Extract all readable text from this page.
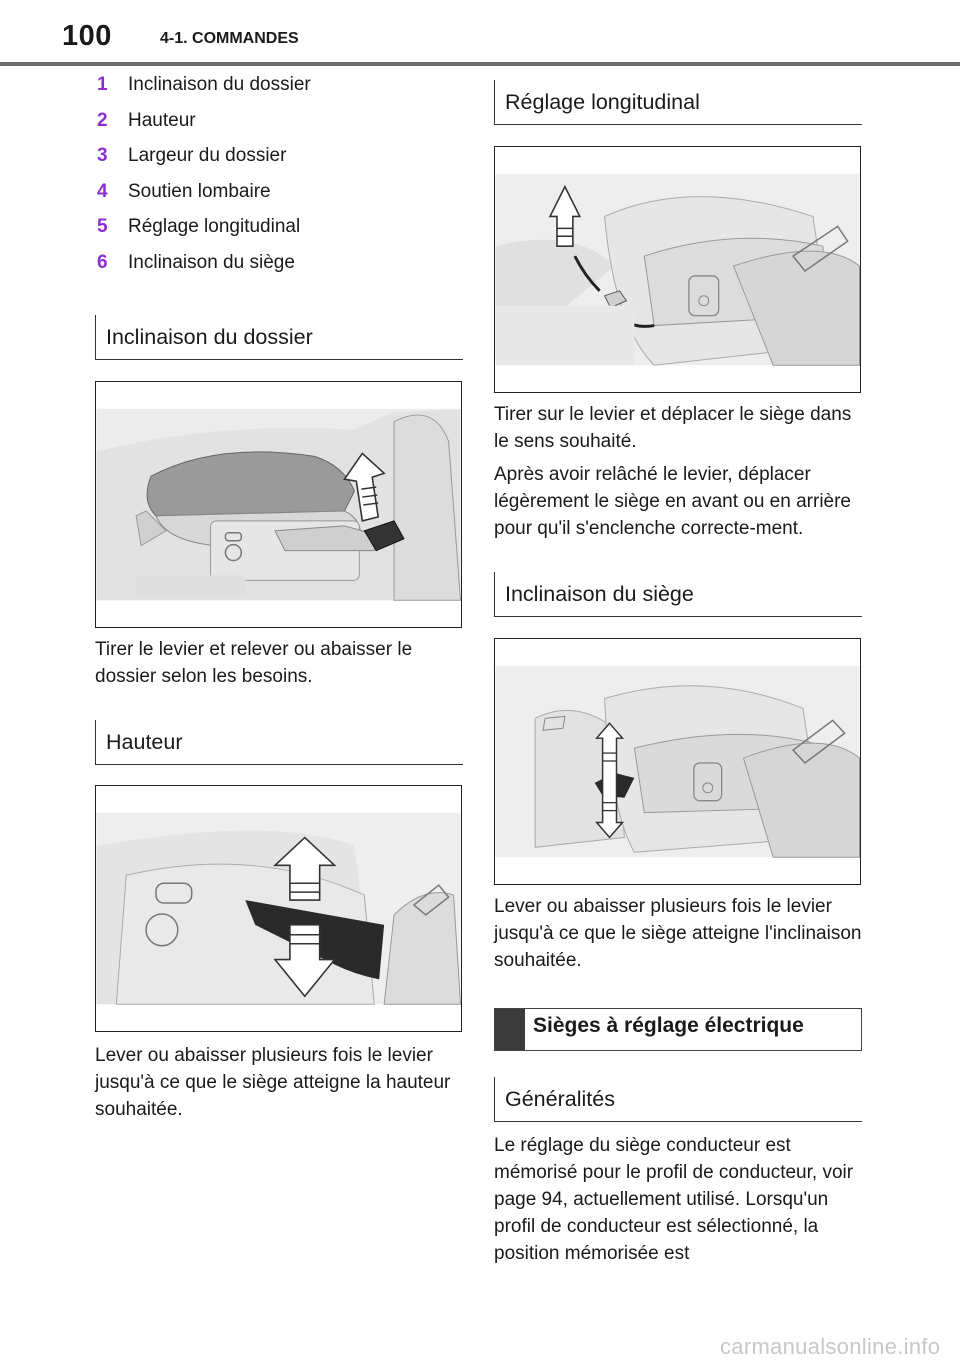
100	4-1. COMMANDES
1	Inclinaison du dossier
2	Hauteur
3	Largeur du dossier
4	Soutien lombaire
5	Réglage longitudinal
6	Inclinaison du siège
Inclinaison du dossier
Tirer le levier et relever ou abaisser le dossier selon les besoins.
Hauteur
Lever ou abaisser plusieurs fois le levier jusqu'à ce que le siège atteigne la hauteur souhaitée.
Réglage longitudinal
Tirer sur le levier et déplacer le siège dans le sens souhaité.
Après avoir relâché le levier, déplacer légèrement le siège en avant ou en arrière pour qu'il s'enclenche correcte-ment.
Inclinaison du siège
Lever ou abaisser plusieurs fois le levier jusqu'à ce que le siège atteigne l'inclinaison souhaitée.
Sièges à réglage électrique
Généralités
Le réglage du siège conducteur est mémorisé pour le profil de conducteur, voir page 94, actuellement utilisé. Lorsqu'un profil de conducteur est sélectionné, la position mémorisée est
carmanualsonline.info
